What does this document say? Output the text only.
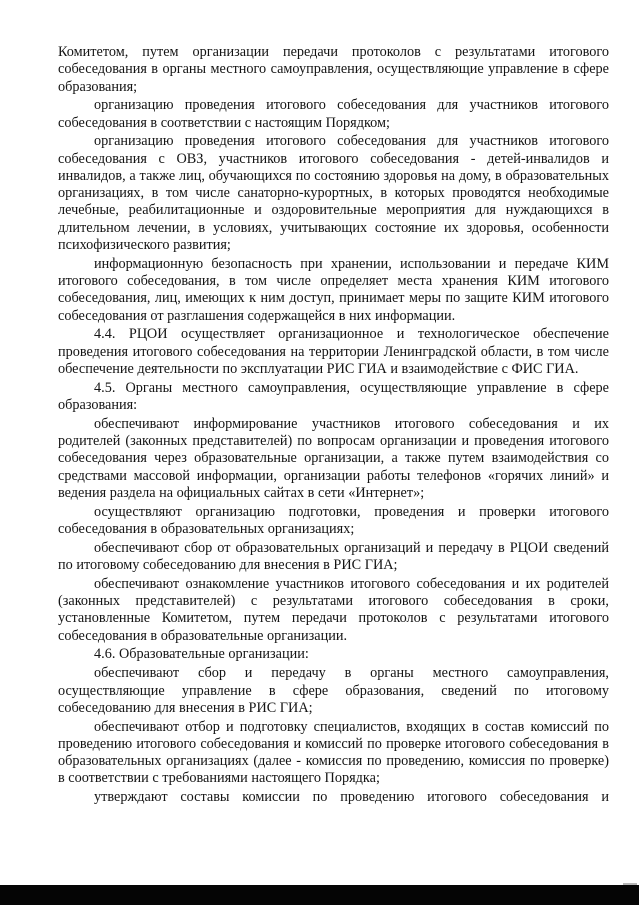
Комитетом, путем организации передачи протоколов с результатами итогового собеседования в органы местного самоуправления, осуществляющие управление в сфере образования;

организацию проведения итогового собеседования для участников итогового собеседования в соответствии с настоящим Порядком;

организацию проведения итогового собеседования для участников итогового собеседования с ОВЗ, участников итогового собеседования - детей-инвалидов и инвалидов, а также лиц, обучающихся по состоянию здоровья на дому, в образовательных организациях, в том числе санаторно-курортных, в которых проводятся необходимые лечебные, реабилитационные и оздоровительные мероприятия для нуждающихся в длительном лечении, в условиях, учитывающих состояние их здоровья, особенности психофизического развития;

информационную безопасность при хранении, использовании и передаче КИМ итогового собеседования, в том числе определяет места хранения КИМ итогового собеседования, лиц, имеющих к ним доступ, принимает меры по защите КИМ итогового собеседования от разглашения содержащейся в них информации.

4.4. РЦОИ осуществляет организационное и технологическое обеспечение проведения итогового собеседования на территории Ленинградской области, в том числе обеспечение деятельности по эксплуатации РИС ГИА и взаимодействие с ФИС ГИА.

4.5. Органы местного самоуправления, осуществляющие управление в сфере образования:

обеспечивают информирование участников итогового собеседования и их родителей (законных представителей) по вопросам организации и проведения итогового собеседования через образовательные организации, а также путем взаимодействия со средствами массовой информации, организации работы телефонов «горячих линий» и ведения раздела на официальных сайтах в сети «Интернет»;

осуществляют организацию подготовки, проведения и проверки итогового собеседования в образовательных организациях;

обеспечивают сбор от образовательных организаций и передачу в РЦОИ сведений по итоговому собеседованию для внесения в РИС ГИА;

обеспечивают ознакомление участников итогового собеседования и их родителей (законных представителей) с результатами итогового собеседования в сроки, установленные Комитетом, путем передачи протоколов с результатами итогового собеседования в образовательные организации.

4.6. Образовательные организации:

обеспечивают сбор и передачу в органы местного самоуправления, осуществляющие управление в сфере образования, сведений по итоговому собеседованию для внесения в РИС ГИА;

обеспечивают отбор и подготовку специалистов, входящих в состав комиссий по проведению итогового собеседования и комиссий по проверке итогового собеседования в образовательных организациях (далее - комиссия по проведению, комиссия по проверке) в соответствии с требованиями настоящего Порядка;

утверждают составы комиссии по проведению итогового собеседования и
